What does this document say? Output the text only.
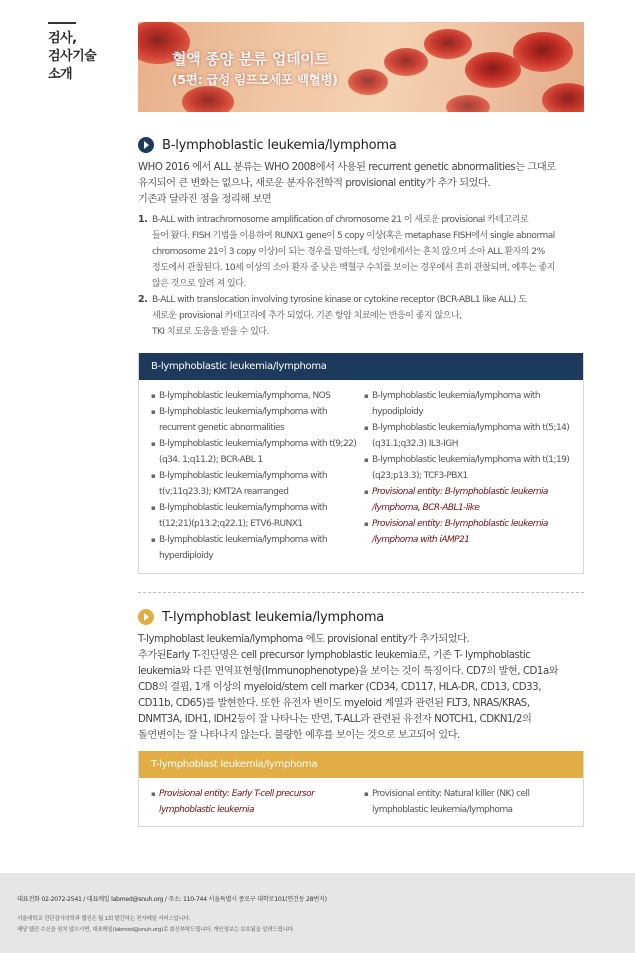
검사,
검사기술
소개
혈액 종양 분류 업데이트
(5편: 급성 림프모세포 백혈병)
B-lymphoblastic leukemia/lymphoma
WHO 2016 에서 ALL 분류는 WHO 2008에서 사용된 recurrent genetic abnormalities는 그대로
유지되어 큰 변화는 없으나, 새로운 분자유전학적 provisional entity가 추가 되었다.
기존과 달라진 점을 정리해 보면
1. B-ALL with intrachromosome amplification of chromosome 21 이 새로운 provisional 카테고리로
들어 왔다. FISH 기법을 이용하여 RUNX1 gene이 5 copy 이상(혹은 metaphase FISH에서 single abnormal
chromosome 21이 3 copy 이상)이 되는 경우를 말하는데, 성인에게서는 흔치 않으며 소아 ALL 환자의 2%
정도에서 관찰된다. 10세 이상의 소아 환자 중 낮은 백혈구 수치를 보이는 경우에서 흔히 관찰되며, 예후는 좋지
않은 것으로 알려 져 있다.
2. B-ALL with translocation involving tyrosine kinase or cytokine receptor (BCR-ABL1 like ALL) 도
새로운 provisional 카테고리에 추가 되었다. 기존 항암 치료에는 반응이 좋지 않으나,
TKI 치료로 도움을 받을 수 있다.
B-lymphoblastic leukemia/lymphoma
▪ B-lymphoblastic leukemia/lymphoma, NOS
▪ B-lymphoblastic leukemia/lymphoma with recurrent genetic abnormalities
▪ B-lymphoblastic leukemia/lymphoma with t(9;22)(q34. 1;q11.2); BCR-ABL 1
▪ B-lymphoblastic leukemia/lymphoma with t(v;11q23.3); KMT2A rearranged
▪ B-lymphoblastic leukemia/lymphoma with t(12;21)(p13.2;q22.1); ETV6-RUNX1
▪ B-lymphoblastic leukemia/lymphoma with hyperdiploidy
▪ B-lymphoblastic leukemia/lymphoma with hypodiploidy
▪ B-lymphoblastic leukemia/lymphoma with t(5;14)(q31.1;q32.3) IL3-IGH
▪ B-lymphoblastic leukemia/lymphoma with t(1;19)(q23;p13.3); TCF3-PBX1
▪ Provisional entity: B-lymphoblastic leukemia /lymphoma, BCR-ABL1-like
▪ Provisional entity: B-lymphoblastic leukemia /lymphoma with iAMP21
T-lymphoblast leukemia/lymphoma
T-lymphoblast leukemia/lymphoma 에도 provisional entity가 추가되었다.
추가된Early T-진단명은 cell precursor lymphoblastic leukemia로, 기존 T- lymphoblastic
leukemia와 다른 면역표현형(Immunophenotype)을 보이는 것이 특징이다. CD7의 발현, CD1a와
CD8의 결핍, 1개 이상의 myeloid/stem cell marker (CD34, CD117, HLA-DR, CD13, CD33,
CD11b, CD65)를 발현한다. 또한 유전자 변이도 myeloid 계열과 관련된 FLT3, NRAS/KRAS,
DNMT3A, IDH1, IDH2등이 잘 나타나는 반면, T-ALL과 관련된 유전자 NOTCH1, CDKN1/2의
돌연변이는 잘 나타나지 않는다. 불량한 예후를 보이는 것으로 보고되어 있다.
T-lymphoblast leukemia/lymphoma
▪ Provisional entity: Early T-cell precursor lymphoblastic leukemia
▪ Provisional entity: Natural killer (NK) cell lymphoblastic leukemia/lymphoma
대표전화 02-2072-2541 / 대표메일 labmed@snuh.org / 주소: 110-744 서울특별시 종로구 대학로101(연건동 28번지)
서울대학교 진단검사의학과 웹진은 월 1회 발간하는 전자메일 서비스입니다.
해당 웹진 수신을 원치 않으시면, 대표메일(labmed@snuh.org)로 회신부탁드립니다. 개인정보는 보호됨을 알려드립니다.
